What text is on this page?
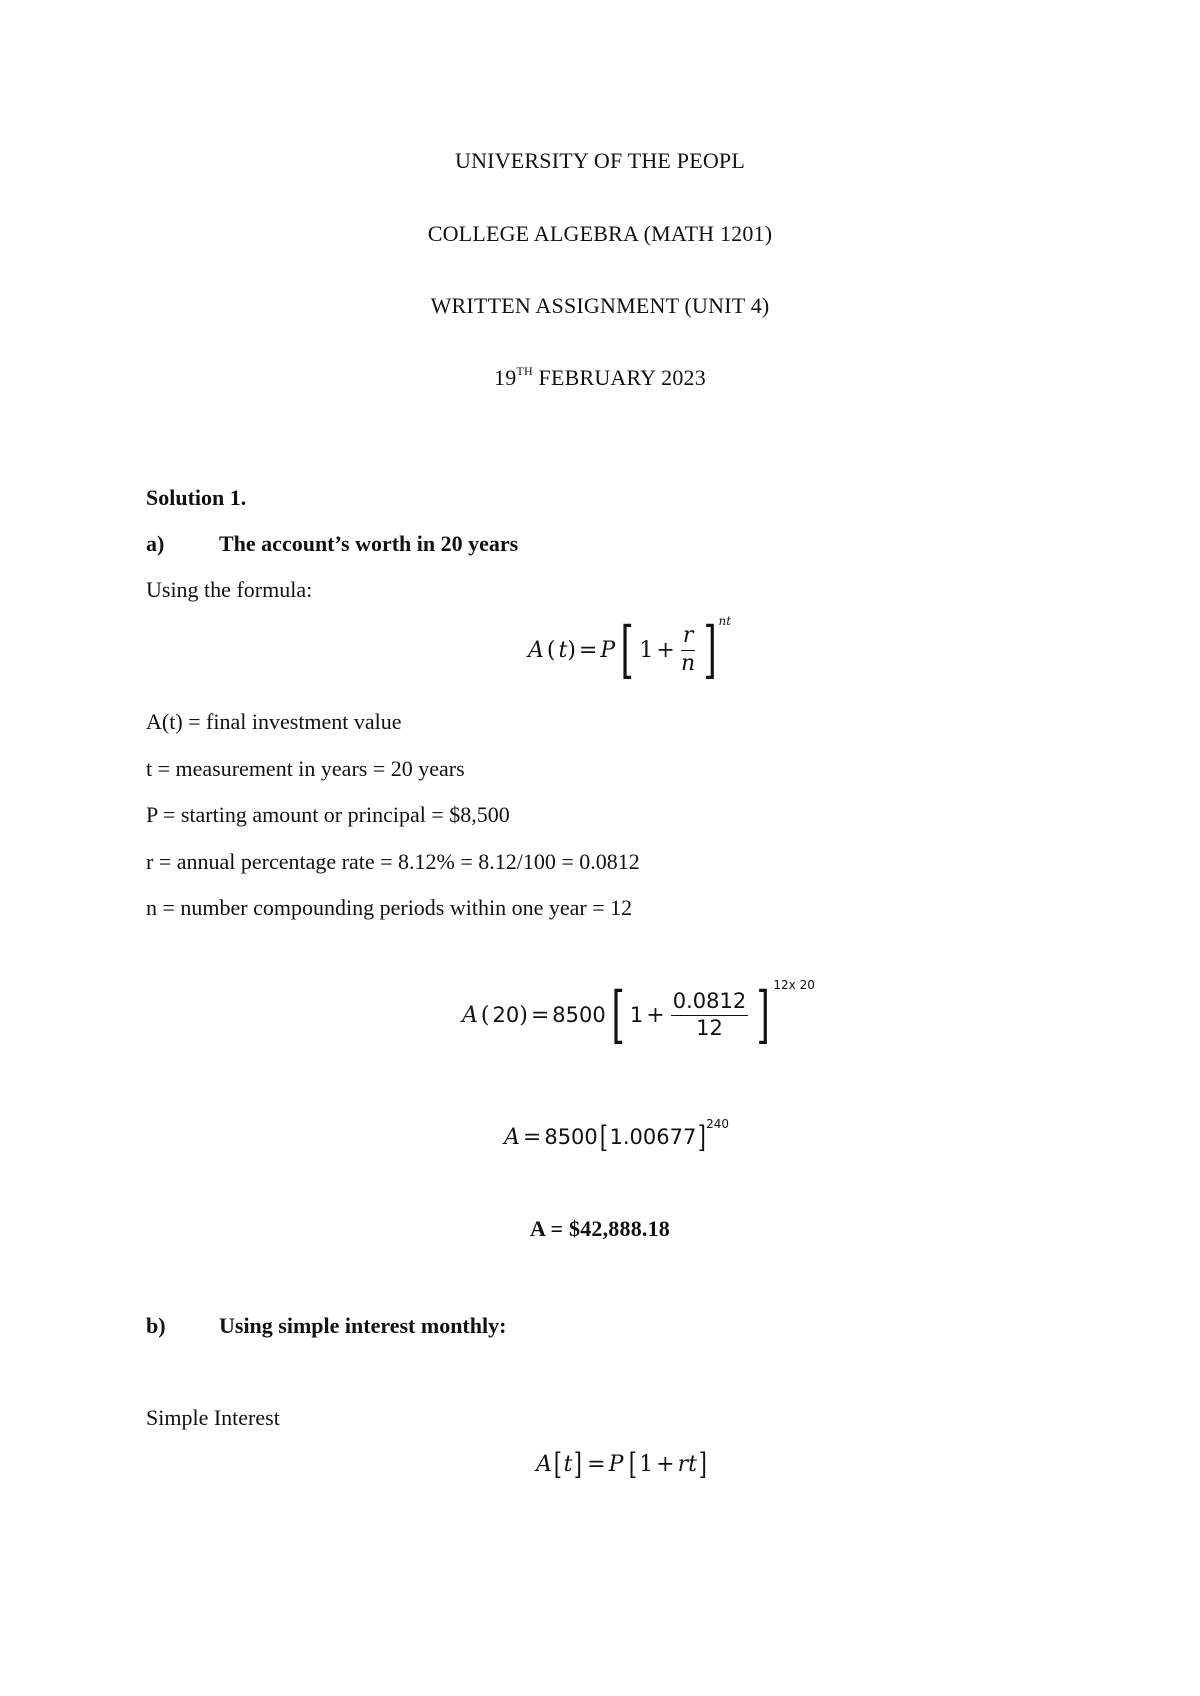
UNIVERSITY OF THE PEOPL
COLLEGE ALGEBRA (MATH 1201)
WRITTEN ASSIGNMENT (UNIT 4)
19TH FEBRUARY 2023
Solution 1.
a) The account’s worth in 20 years
Using the formula:
A ( t ) = P [ $1 + \frac{r}{n}$ ] nt
A(t) = final investment value
t = measurement in years = 20 years
P = starting amount or principal = $8,500
r = annual percentage rate = 8.12% = 8.12/100 = 0.0812
n = number compounding periods within one year = 12
A ( 20 ) = 8500 [ $1 + \frac{0.0812}{12}$ ] 12x 20
A = 8500 [ 1.00677 ] 240
A = $42,888.18
b) Using simple interest monthly:
Simple Interest
A [ t ] = P [ 1 + rt ]
